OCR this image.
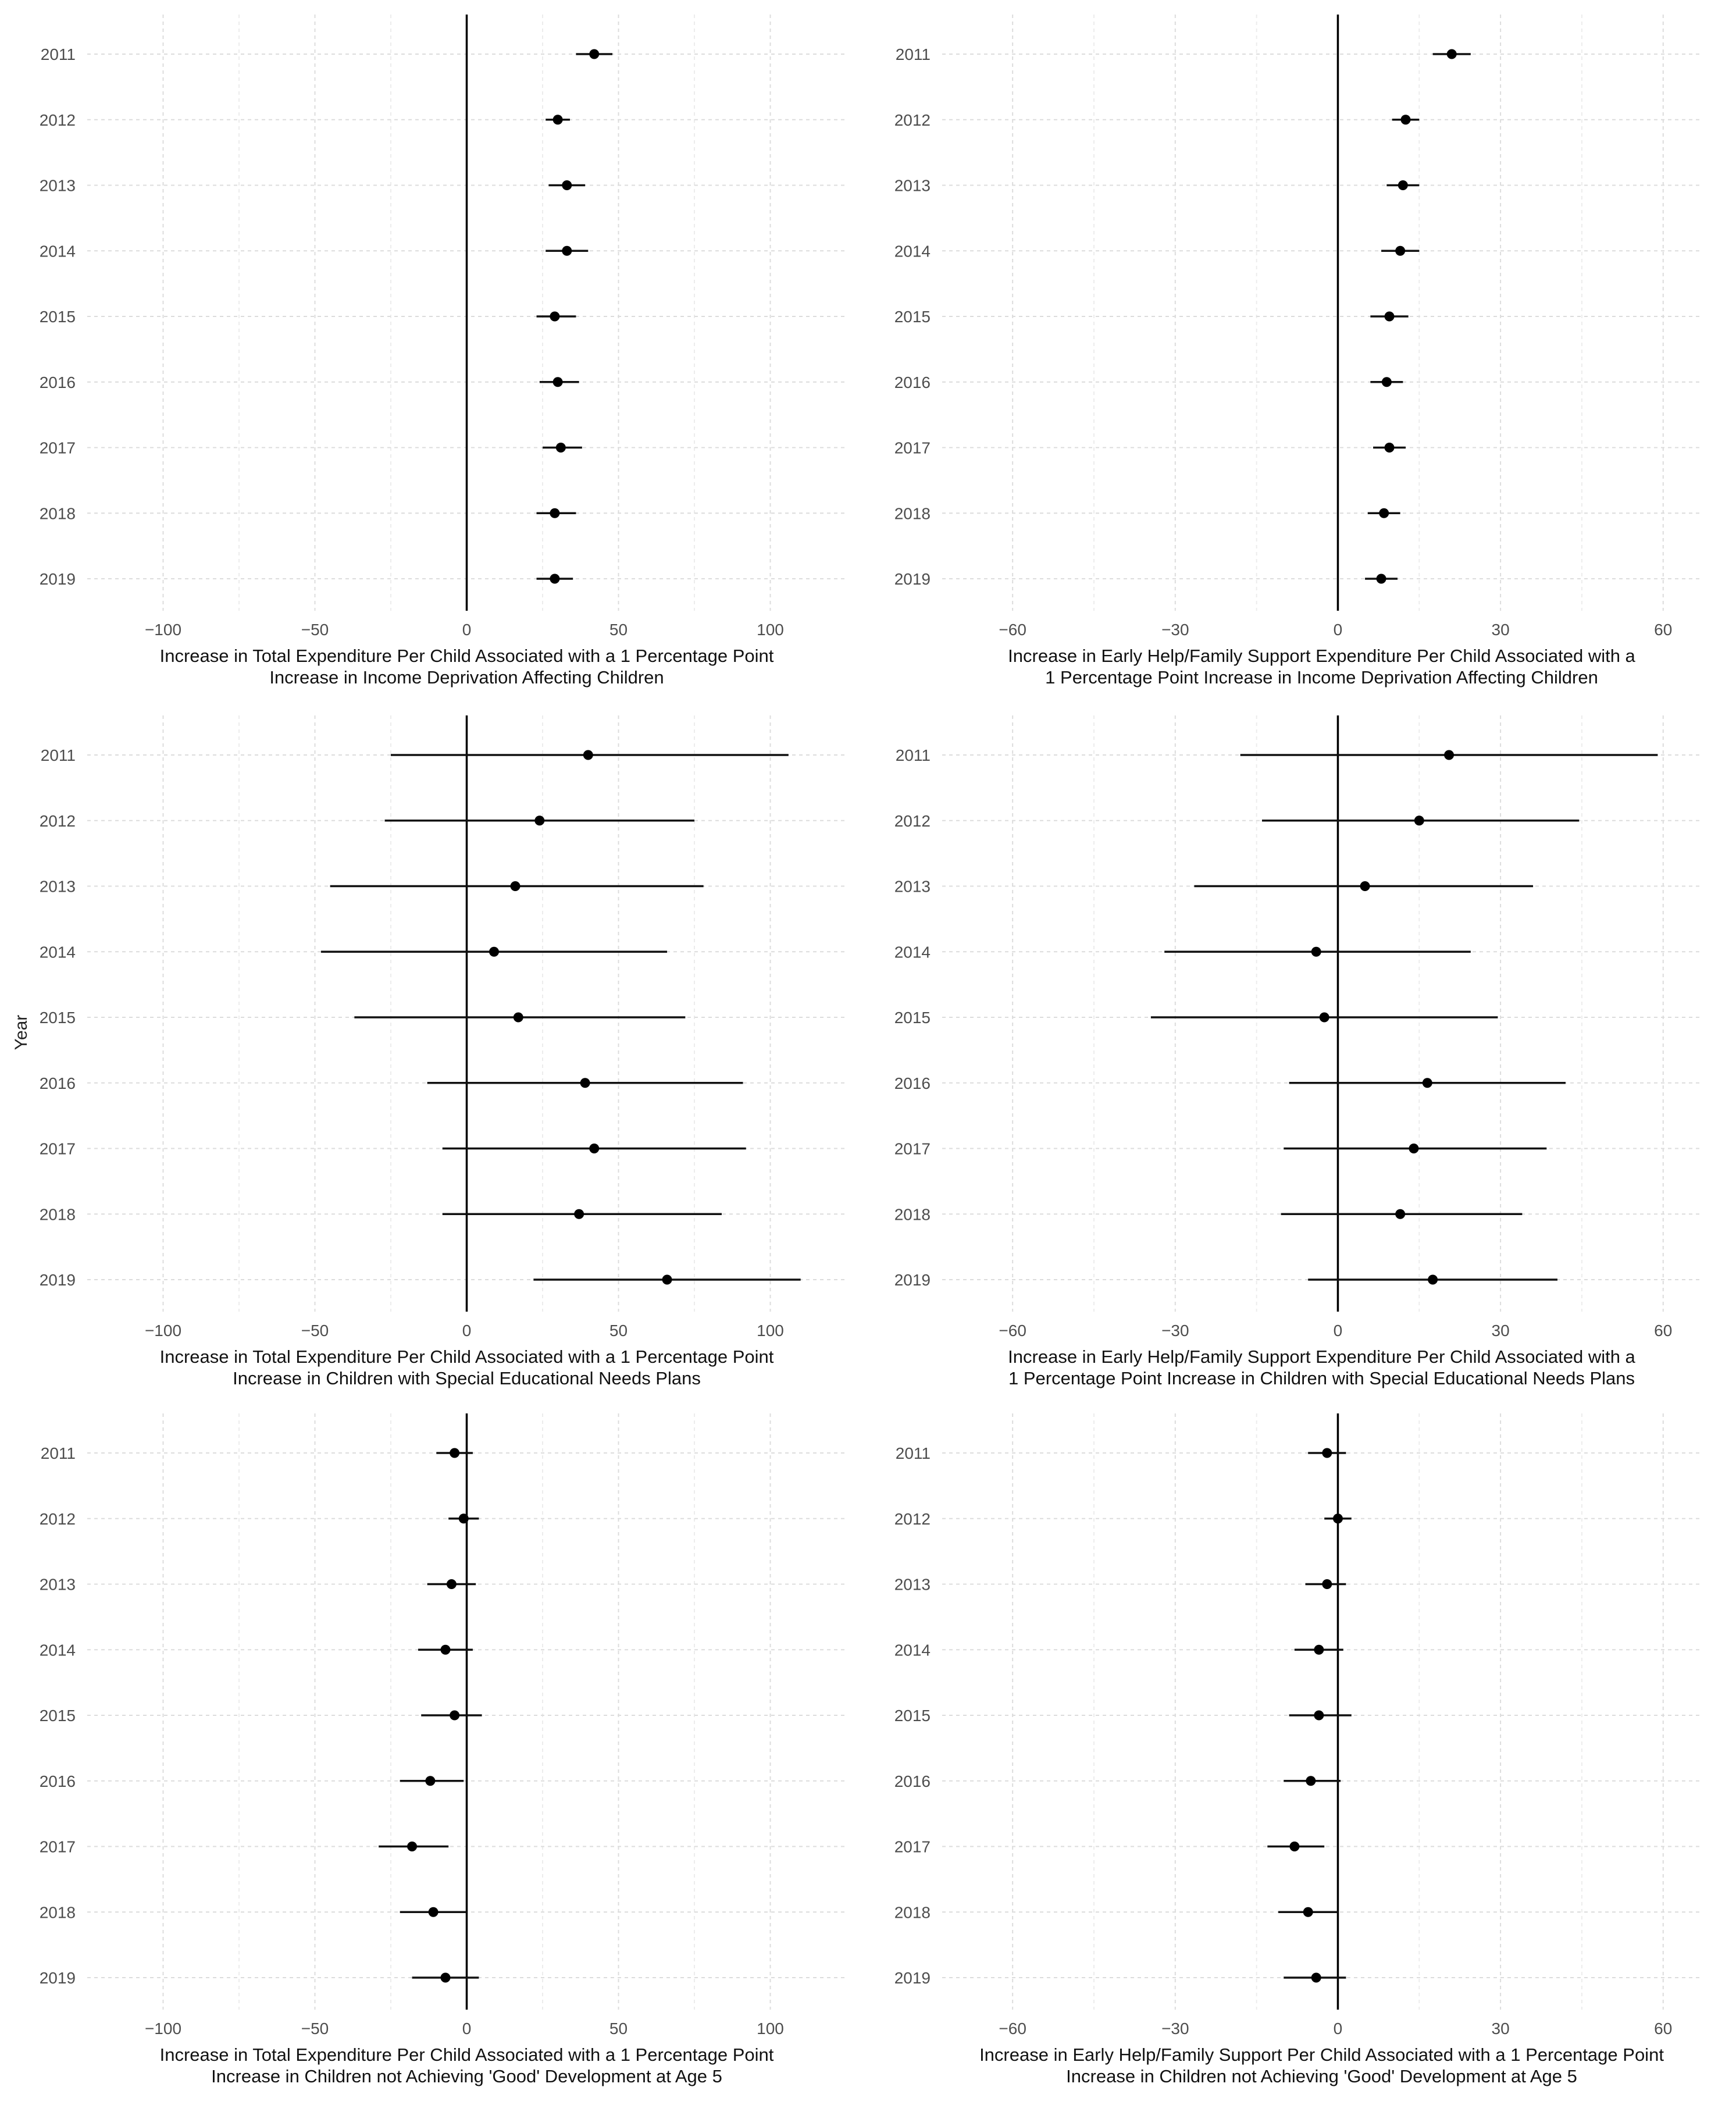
−100	−50	0	50	100
2011
2012
2013
2014
2015
2016
2017
2018
2019
Increase in Total Expenditure Per Child Associated with a 1 Percentage Point
Increase in Income Deprivation Affecting Children
−60	−30	0	30	60
2011
2012
2013
2014
2015
2016
2017
2018
2019
Increase in Early Help/Family Support Expenditure Per Child Associated with a
1 Percentage Point Increase in Income Deprivation Affecting Children
−100	−50	0	50	100
2011
2012
2013
2014
2015
2016
2017
2018
2019
Increase in Total Expenditure Per Child Associated with a 1 Percentage Point
Increase in Children with Special Educational Needs Plans
−60	−30	0	30	60
2011
2012
2013
2014
2015
2016
2017
2018
2019
Increase in Early Help/Family Support Expenditure Per Child Associated with a
1 Percentage Point Increase in Children with Special Educational Needs Plans
−100	−50	0	50	100
2011
2012
2013
2014
2015
2016
2017
2018
2019
Increase in Total Expenditure Per Child Associated with a 1 Percentage Point
Increase in Children not Achieving 'Good' Development at Age 5
−60	−30	0	30	60
2011
2012
2013
2014
2015
2016
2017
2018
2019
Increase in Early Help/Family Support Per Child Associated with a 1 Percentage Point
Increase in Children not Achieving 'Good' Development at Age 5
Year
